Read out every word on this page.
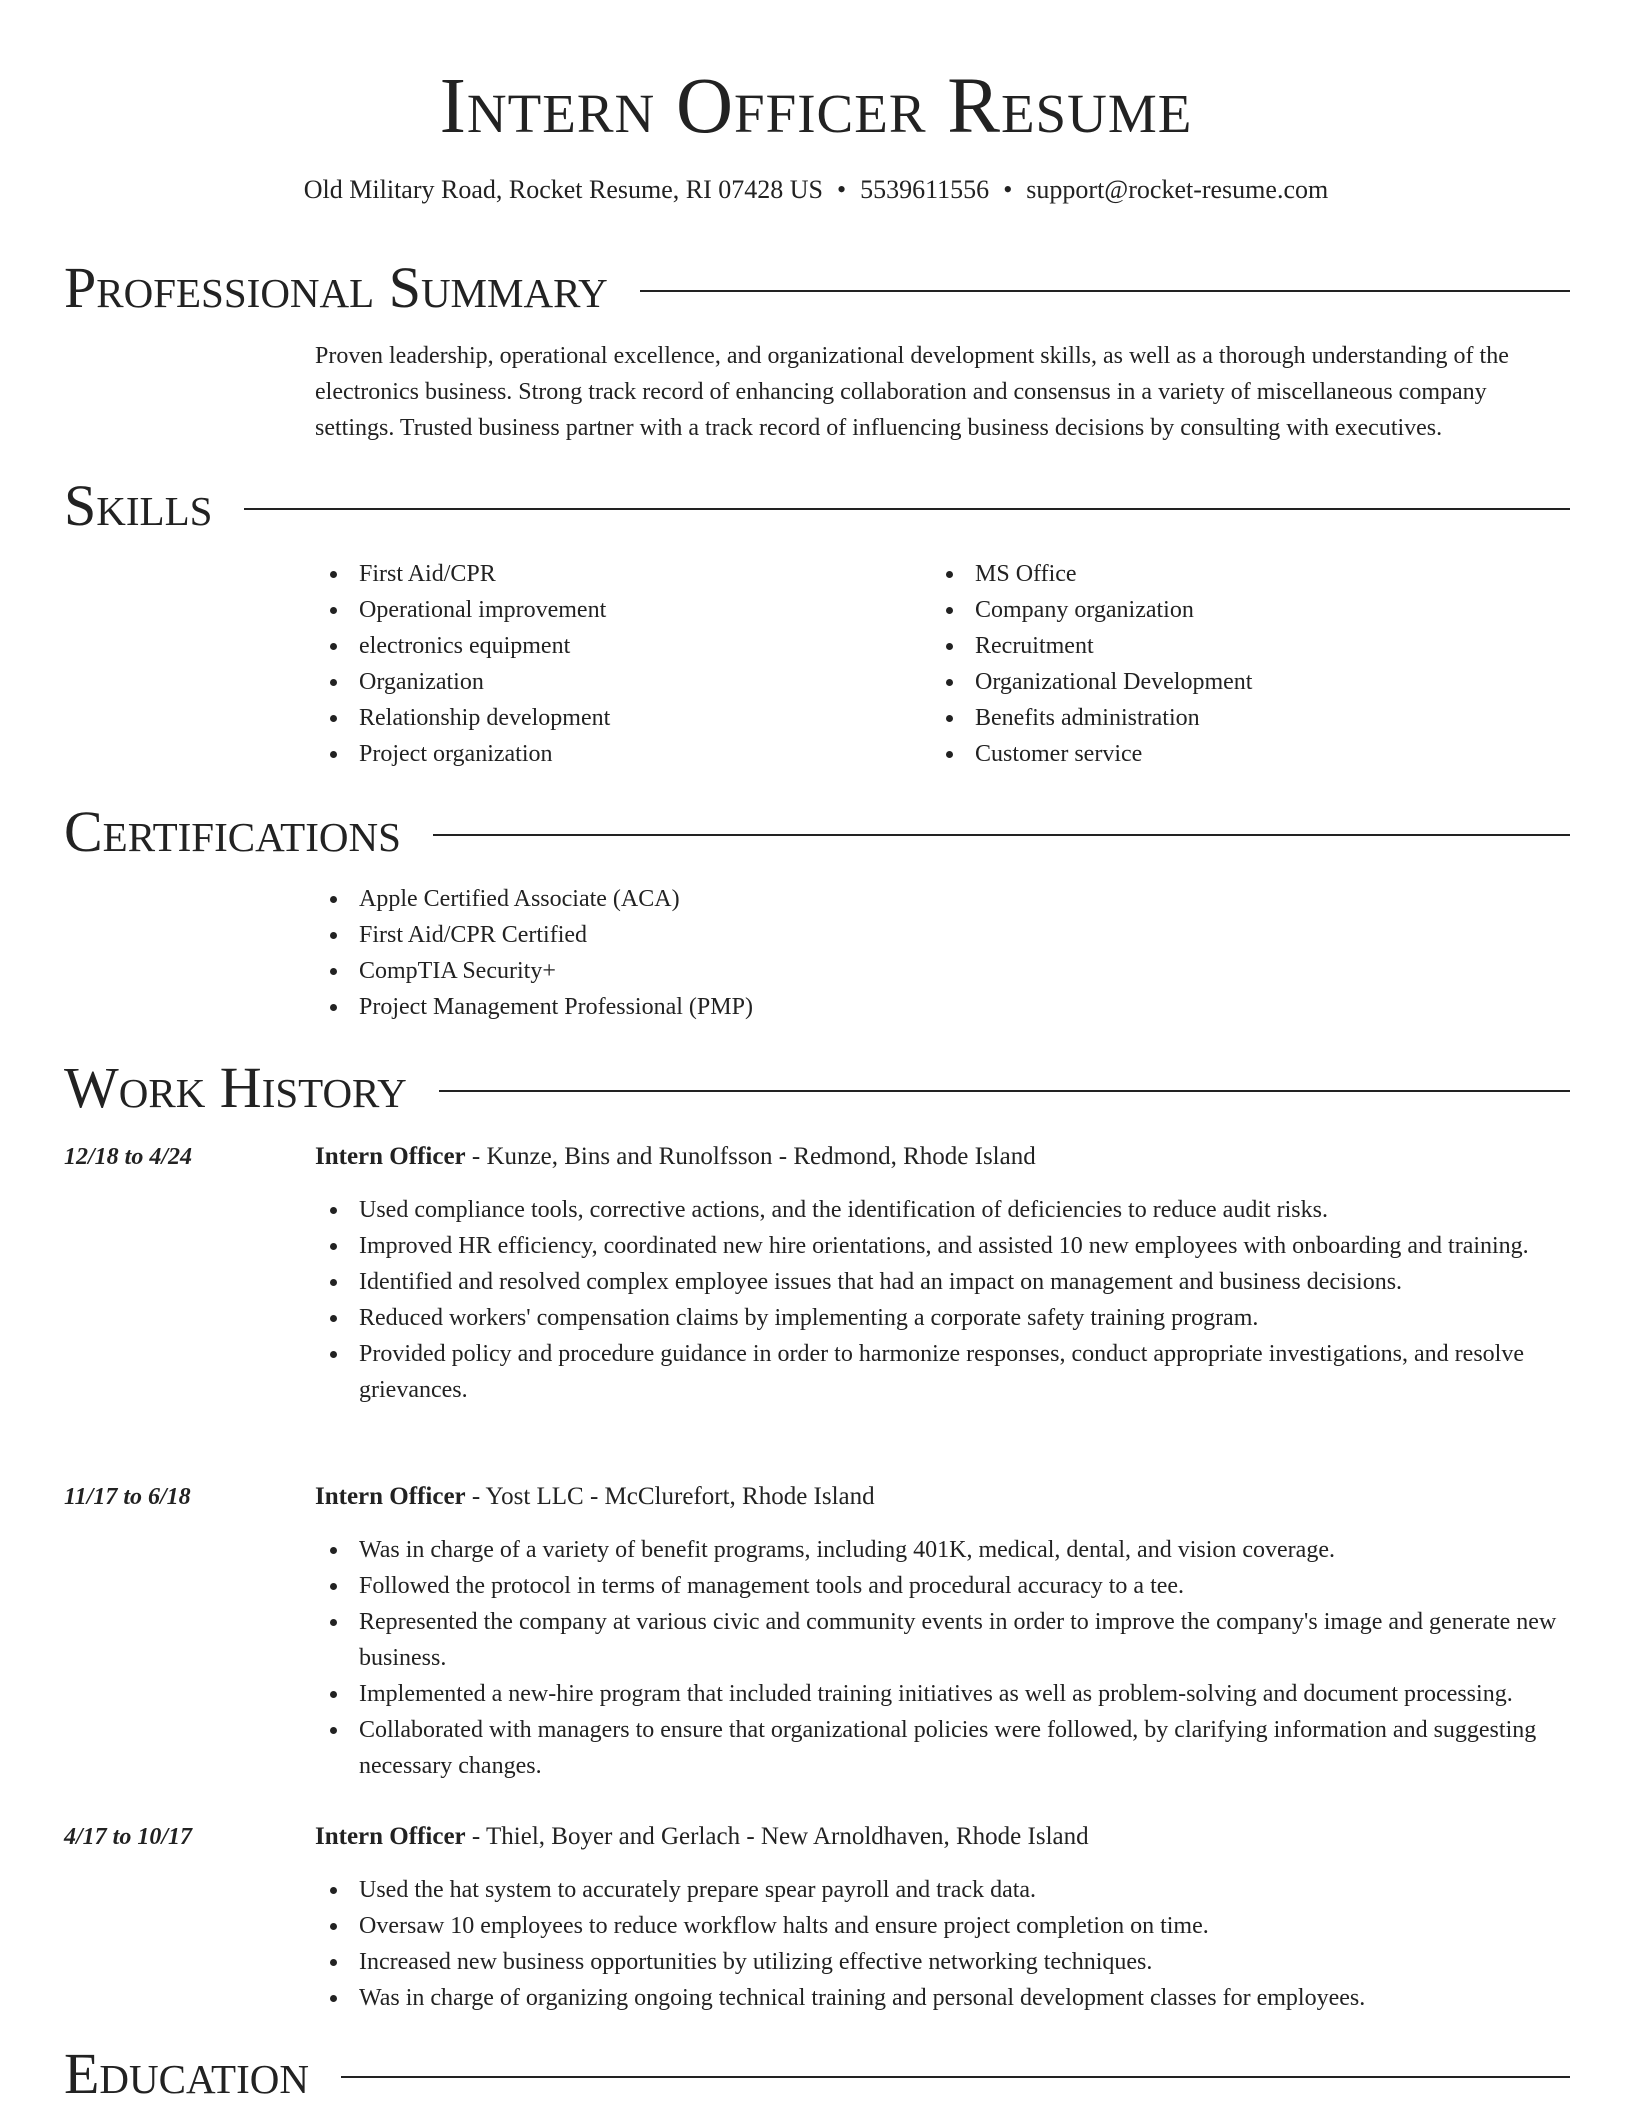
Intern Officer Resume
Old Military Road, Rocket Resume, RI 07428 US • 5539611556 • support@rocket-resume.com
Professional Summary

Proven leadership, operational excellence, and organizational development skills, as well as a thorough understanding of the electronics business. Strong track record of enhancing collaboration and consensus in a variety of miscellaneous company settings. Trusted business partner with a track record of influencing business decisions by consulting with executives.

Skills
First Aid/CPR
Operational improvement
electronics equipment
Organization
Relationship development
Project organization
MS Office
Company organization
Recruitment
Organizational Development
Benefits administration
Customer service
Certifications
Apple Certified Associate (ACA)
First Aid/CPR Certified
CompTIA Security+
Project Management Professional (PMP)
Work History
12/18 to 4/24	Intern Officer - Kunze, Bins and Runolfsson - Redmond, Rhode Island
Used compliance tools, corrective actions, and the identification of deficiencies to reduce audit risks.
Improved HR efficiency, coordinated new hire orientations, and assisted 10 new employees with onboarding and training.
Identified and resolved complex employee issues that had an impact on management and business decisions.
Reduced workers' compensation claims by implementing a corporate safety training program.
Provided policy and procedure guidance in order to harmonize responses, conduct appropriate investigations, and resolve grievances.
11/17 to 6/18	Intern Officer - Yost LLC - McClurefort, Rhode Island
Was in charge of a variety of benefit programs, including 401K, medical, dental, and vision coverage.
Followed the protocol in terms of management tools and procedural accuracy to a tee.
Represented the company at various civic and community events in order to improve the company's image and generate new business.
Implemented a new-hire program that included training initiatives as well as problem-solving and document processing.
Collaborated with managers to ensure that organizational policies were followed, by clarifying information and suggesting necessary changes.
4/17 to 10/17	Intern Officer - Thiel, Boyer and Gerlach - New Arnoldhaven, Rhode Island
Used the hat system to accurately prepare spear payroll and track data.
Oversaw 10 employees to reduce workflow halts and ensure project completion on time.
Increased new business opportunities by utilizing effective networking techniques.
Was in charge of organizing ongoing technical training and personal development classes for employees.
Education
